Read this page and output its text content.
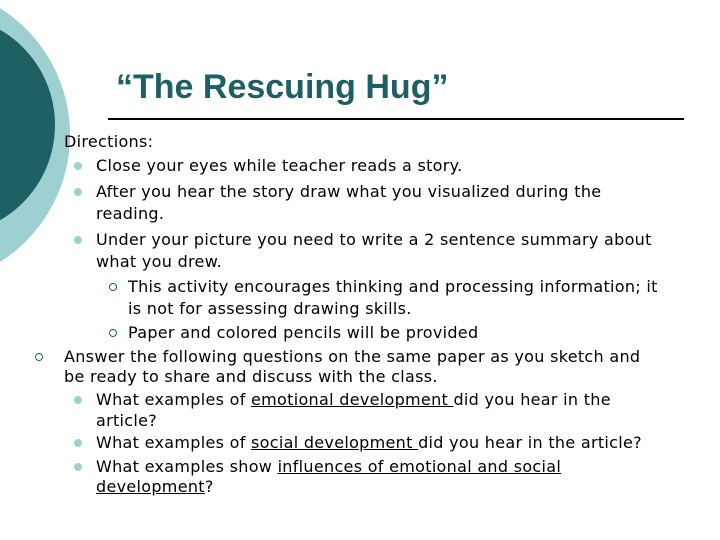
“The Rescuing Hug”

Directions:

Close your eyes while teacher reads a story.

After you hear the story draw what you visualized during the

reading.

Under your picture you need to write a 2 sentence summary about

what you drew.

This activity encourages thinking and processing information; it

is not for assessing drawing skills.

Paper and colored pencils will be provided

Answer the following questions on the same paper as you sketch and

be ready to share and discuss with the class.

What examples of emotional development did you hear in the

article?

What examples of social development did you hear in the article?

What examples show influences of emotional and social

development?
